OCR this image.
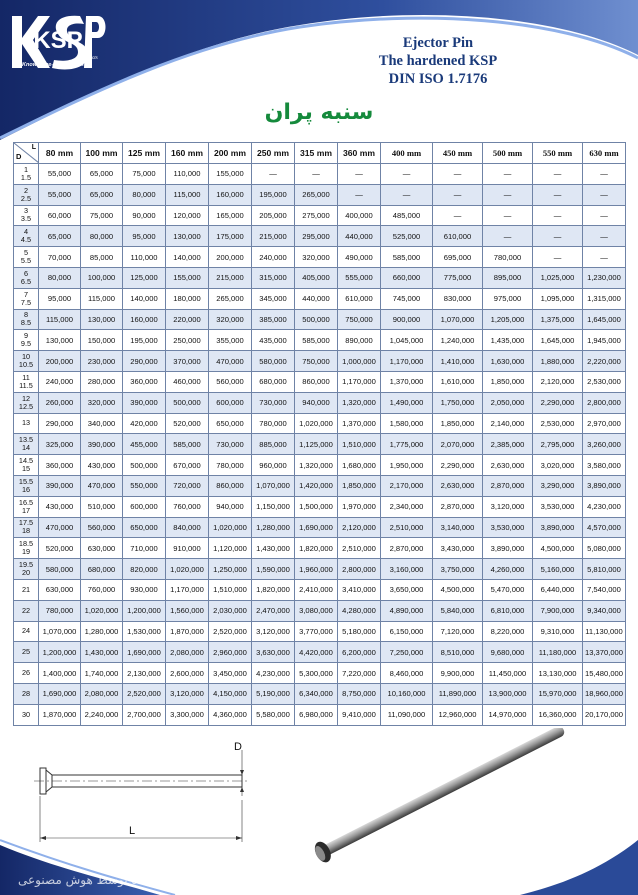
KSP
Products
Knowledge-based Steel
Ejector Pin
The hardened KSP
DIN ISO 1.7176
سنبه پران
D
L	80 mm	100 mm	125 mm	160 mm	200 mm	250 mm	315 mm	360 mm	400 mm	450 mm	500 mm	550 mm	630 mm

1
1.5	55,000	65,000	75,000	110,000	155,000	—	—	—	—	—	—	—	—

2
2.5	55,000	65,000	80,000	115,000	160,000	195,000	265,000	—	—	—	—	—	—

3
3.5	60,000	75,000	90,000	120,000	165,000	205,000	275,000	400,000	485,000	—	—	—	—

4
4.5	65,000	80,000	95,000	130,000	175,000	215,000	295,000	440,000	525,000	610,000	—	—	—

5
5.5	70,000	85,000	110,000	140,000	200,000	240,000	320,000	490,000	585,000	695,000	780,000	—	—

6
6.5	80,000	100,000	125,000	155,000	215,000	315,000	405,000	555,000	660,000	775,000	895,000	1,025,000	1,230,000

7
7.5	95,000	115,000	140,000	180,000	265,000	345,000	440,000	610,000	745,000	830,000	975,000	1,095,000	1,315,000

8
8.5	115,000	130,000	160,000	220,000	320,000	385,000	500,000	750,000	900,000	1,070,000	1,205,000	1,375,000	1,645,000

9
9.5	130,000	150,000	195,000	250,000	355,000	435,000	585,000	890,000	1,045,000	1,240,000	1,435,000	1,645,000	1,945,000

10
10.5	200,000	230,000	290,000	370,000	470,000	580,000	750,000	1,000,000	1,170,000	1,410,000	1,630,000	1,880,000	2,220,000

11
11.5	240,000	280,000	360,000	460,000	560,000	680,000	860,000	1,170,000	1,370,000	1,610,000	1,850,000	2,120,000	2,530,000

12
12.5	260,000	320,000	390,000	500,000	600,000	730,000	940,000	1,320,000	1,490,000	1,750,000	2,050,000	2,290,000	2,800,000

13	290,000	340,000	420,000	520,000	650,000	780,000	1,020,000	1,370,000	1,580,000	1,850,000	2,140,000	2,530,000	2,970,000

13.5
14	325,000	390,000	455,000	585,000	730,000	885,000	1,125,000	1,510,000	1,775,000	2,070,000	2,385,000	2,795,000	3,260,000

14.5
15	360,000	430,000	500,000	670,000	780,000	960,000	1,320,000	1,680,000	1,950,000	2,290,000	2,630,000	3,020,000	3,580,000

15.5
16	390,000	470,000	550,000	720,000	860,000	1,070,000	1,420,000	1,850,000	2,170,000	2,630,000	2,870,000	3,290,000	3,890,000

16.5
17	430,000	510,000	600,000	760,000	940,000	1,150,000	1,500,000	1,970,000	2,340,000	2,870,000	3,120,000	3,530,000	4,230,000

17.5
18	470,000	560,000	650,000	840,000	1,020,000	1,280,000	1,690,000	2,120,000	2,510,000	3,140,000	3,530,000	3,890,000	4,570,000

18.5
19	520,000	630,000	710,000	910,000	1,120,000	1,430,000	1,820,000	2,510,000	2,870,000	3,430,000	3,890,000	4,500,000	5,080,000

19.5
20	580,000	680,000	820,000	1,020,000	1,250,000	1,590,000	1,960,000	2,800,000	3,160,000	3,750,000	4,260,000	5,160,000	5,810,000

21	630,000	760,000	930,000	1,170,000	1,510,000	1,820,000	2,410,000	3,410,000	3,650,000	4,500,000	5,470,000	6,440,000	7,540,000

22	780,000	1,020,000	1,200,000	1,560,000	2,030,000	2,470,000	3,080,000	4,280,000	4,890,000	5,840,000	6,810,000	7,900,000	9,340,000

24	1,070,000	1,280,000	1,530,000	1,870,000	2,520,000	3,120,000	3,770,000	5,180,000	6,150,000	7,120,000	8,220,000	9,310,000	11,130,000

25	1,200,000	1,430,000	1,690,000	2,080,000	2,960,000	3,630,000	4,420,000	6,200,000	7,250,000	8,510,000	9,680,000	11,180,000	13,370,000

26	1,400,000	1,740,000	2,130,000	2,600,000	3,450,000	4,230,000	5,300,000	7,220,000	8,460,000	9,900,000	11,450,000	13,130,000	15,480,000

28	1,690,000	2,080,000	2,520,000	3,120,000	4,150,000	5,190,000	6,340,000	8,750,000	10,160,000	11,890,000	13,900,000	15,970,000	18,960,000

30	1,870,000	2,240,000	2,700,000	3,300,000	4,360,000	5,580,000	6,980,000	9,410,000	11,090,000	12,960,000	14,970,000	16,360,000	20,170,000
D
L
محتوای ایجادشده توسط هوش مصنوعی
